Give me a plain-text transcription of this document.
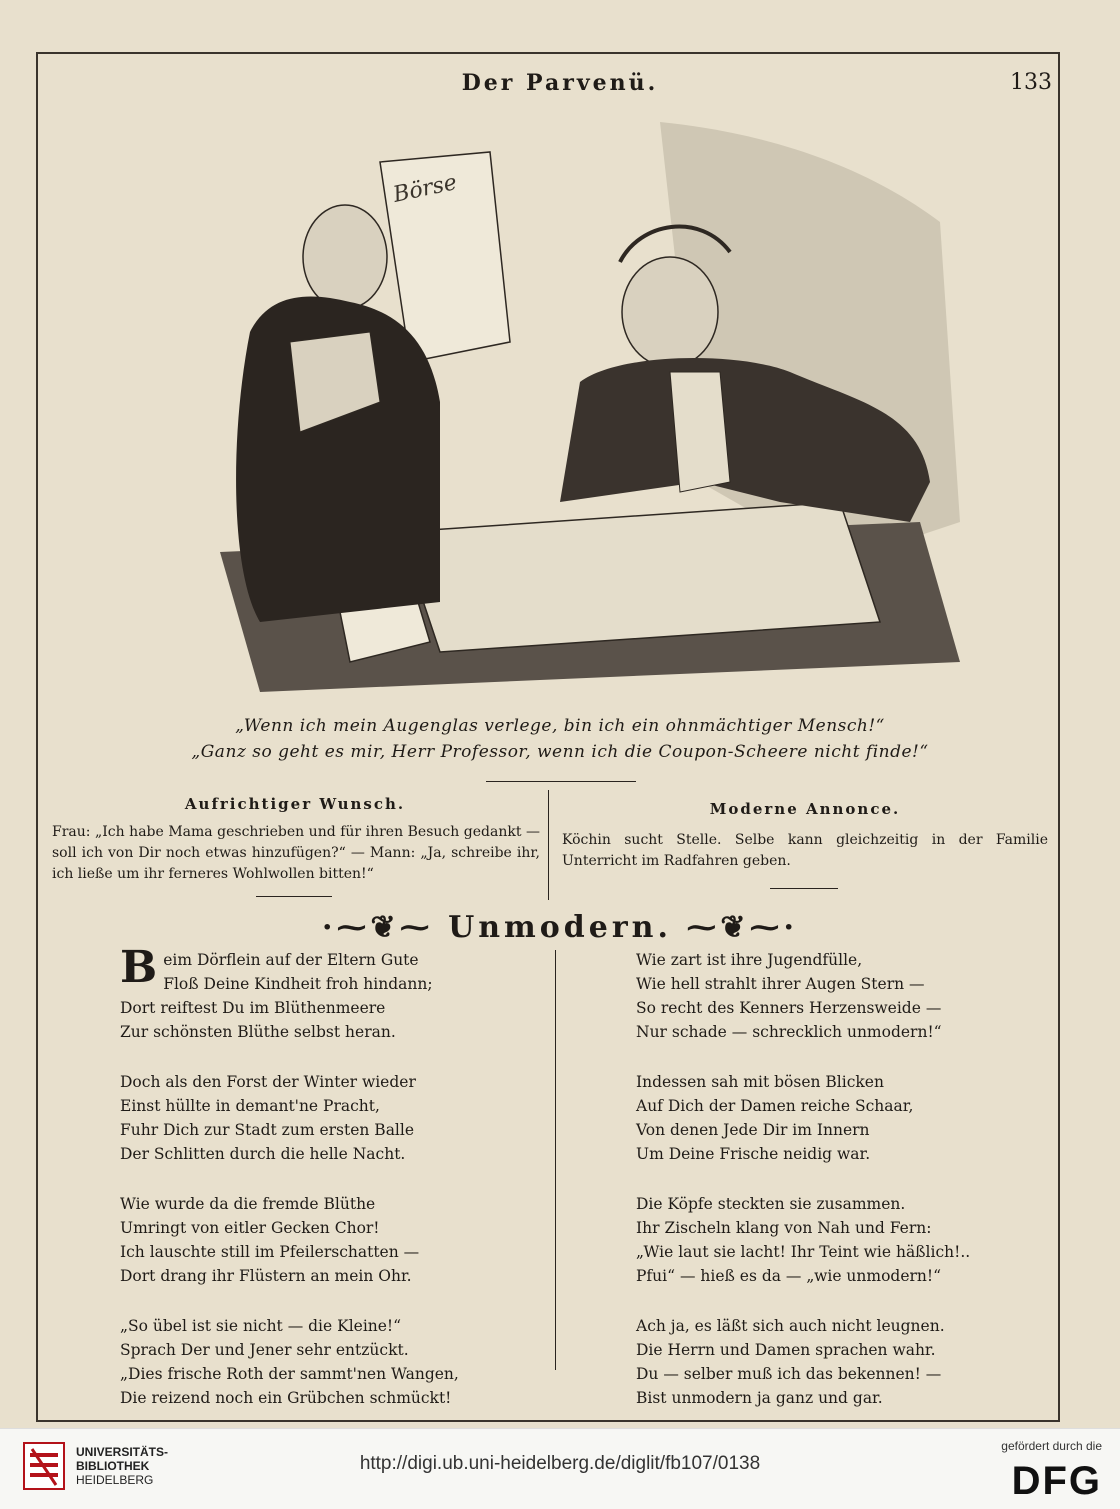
Der Parvenü.	133
Börse
„Wenn ich mein Augenglas verlege, bin ich ein ohnmächtiger Mensch!“
„Ganz so geht es mir, Herr Professor, wenn ich die Coupon-Scheere nicht finde!“
Aufrichtiger Wunsch.
Frau: „Ich habe Mama geschrieben und für ihren Besuch gedankt — soll ich von Dir noch etwas hinzufügen?“ — Mann: „Ja, schreibe ihr, ich ließe um ihr ferneres Wohlwollen bitten!“
Moderne Annonce.
Köchin sucht Stelle. Selbe kann gleichzeitig in der Familie Unterricht im Radfahren geben.
·⁓❦⁓ Unmodern. ⁓❦⁓·
B eim Dörflein auf der Eltern Gute
Floß Deine Kindheit froh hindann;
Dort reiftest Du im Blüthenmeere
Zur schönsten Blüthe selbst heran.
Doch als den Forst der Winter wieder
Einst hüllte in demant'ne Pracht,
Fuhr Dich zur Stadt zum ersten Balle
Der Schlitten durch die helle Nacht.
Wie wurde da die fremde Blüthe
Umringt von eitler Gecken Chor!
Ich lauschte still im Pfeilerschatten —
Dort drang ihr Flüstern an mein Ohr.
„So übel ist sie nicht — die Kleine!“
Sprach Der und Jener sehr entzückt.
„Dies frische Roth der sammt'nen Wangen,
Die reizend noch ein Grübchen schmückt!
Wie zart ist ihre Jugendfülle,
Wie hell strahlt ihrer Augen Stern —
So recht des Kenners Herzensweide —
Nur schade — schrecklich unmodern!“
Indessen sah mit bösen Blicken
Auf Dich der Damen reiche Schaar,
Von denen Jede Dir im Innern
Um Deine Frische neidig war.
Die Köpfe steckten sie zusammen.
Ihr Zischeln klang von Nah und Fern:
„Wie laut sie lacht! Ihr Teint wie häßlich!..
Pfui“ — hieß es da — „wie unmodern!“
Ach ja, es läßt sich auch nicht leugnen.
Die Herrn und Damen sprachen wahr.
Du — selber muß ich das bekennen! —
Bist unmodern ja ganz und gar.
UNIVERSITÄTS-
BIBLIOTHEK
HEIDELBERG
http://digi.ub.uni-heidelberg.de/diglit/fb107/0138
gefördert durch die
DFG
